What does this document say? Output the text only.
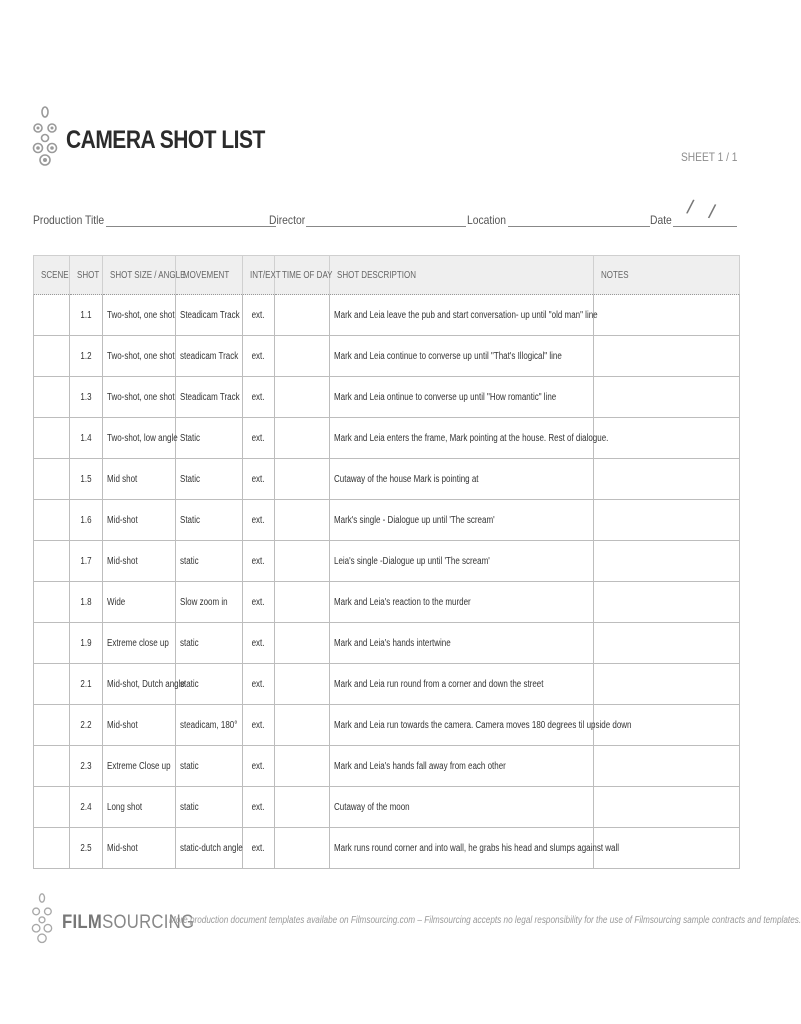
CAMERA SHOT LIST
SHEET 1 / 1
Production Title	Director	Location	Date /   /
SCENE	SHOT	SHOT SIZE / ANGLE	MOVEMENT	INT/EXT	TIME OF DAY	SHOT DESCRIPTION	NOTES
	1.1	Two-shot, one shot	Steadicam Track	ext.		Mark and Leia leave the pub and start conversation- up until "old man" line	
	1.2	Two-shot, one shot	steadicam Track	ext.		Mark and Leia continue to converse up until "That's Illogical" line	
	1.3	Two-shot, one shot	Steadicam Track	ext.		Mark and Leia ontinue to converse up until "How romantic" line	
	1.4	Two-shot, low angle	Static	ext.		Mark and Leia enters the frame, Mark pointing at the house. Rest of dialogue.	
	1.5	Mid shot	Static	ext.		Cutaway of the house Mark is pointing at	
	1.6	Mid-shot	Static	ext.		Mark's single - Dialogue up until 'The scream'	
	1.7	Mid-shot	static	ext.		Leia's single -Dialogue up until 'The scream'	
	1.8	Wide	Slow zoom in	ext.		Mark and Leia's reaction to the murder	
	1.9	Extreme close up	static	ext.		Mark and Leia's hands intertwine	
	2.1	Mid-shot, Dutch angle	static	ext.		Mark and Leia run round from a corner and down the street	
	2.2	Mid-shot	steadicam, 180°	ext.		Mark and Leia run towards the camera. Camera moves 180 degrees til upside down	
	2.3	Extreme Close up	static	ext.		Mark and Leia's hands fall away from each other	
	2.4	Long shot	static	ext.		Cutaway of the moon	
	2.5	Mid-shot	static-dutch angle	ext.		Mark runs round corner and into wall, he grabs his head and slumps against wall	
FILMSOURCING
More production document templates availabe on Filmsourcing.com – Filmsourcing accepts no legal responsibility for the use of Filmsourcing sample contracts and templates.
